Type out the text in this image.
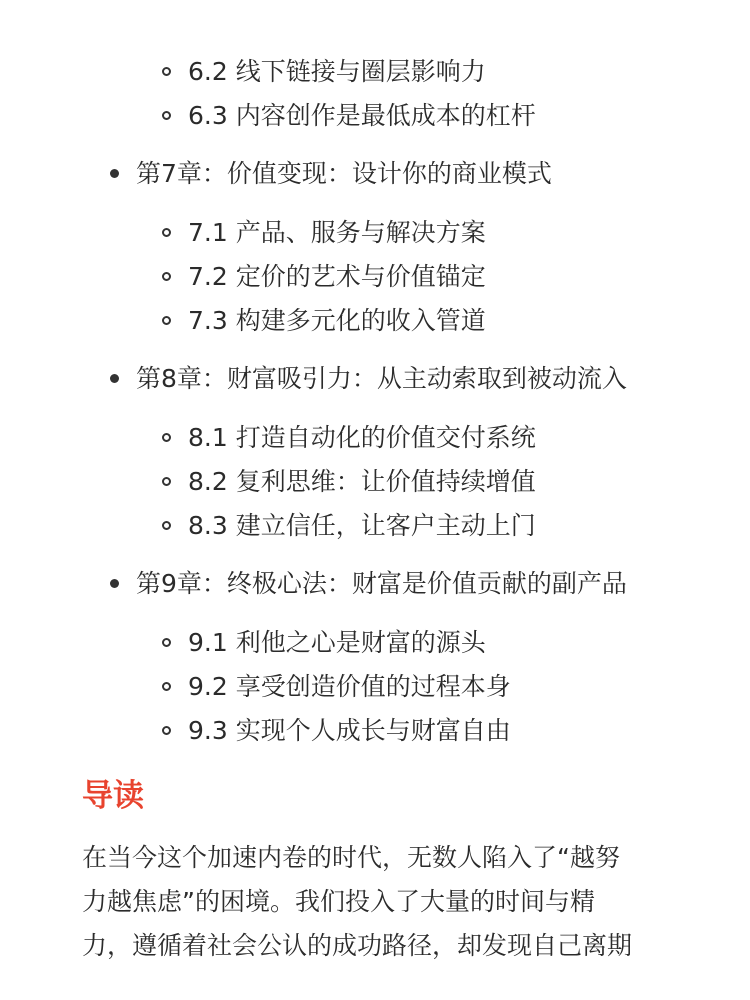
6.2 线下链接与圈层影响力
6.3 内容创作是最低成本的杠杆
第7章：价值变现：设计你的商业模式
7.1 产品、服务与解决方案
7.2 定价的艺术与价值锚定
7.3 构建多元化的收入管道
第8章：财富吸引力：从主动索取到被动流入
8.1 打造自动化的价值交付系统
8.2 复利思维：让价值持续增值
8.3 建立信任，让客户主动上门
第9章：终极心法：财富是价值贡献的副产品
9.1 利他之心是财富的源头
9.2 享受创造价值的过程本身
9.3 实现个人成长与财富自由
导读
在当今这个加速内卷的时代，无数人陷入了“越努
力越焦虑”的困境。我们投入了大量的时间与精
力，遵循着社会公认的成功路径，却发现自己离期
